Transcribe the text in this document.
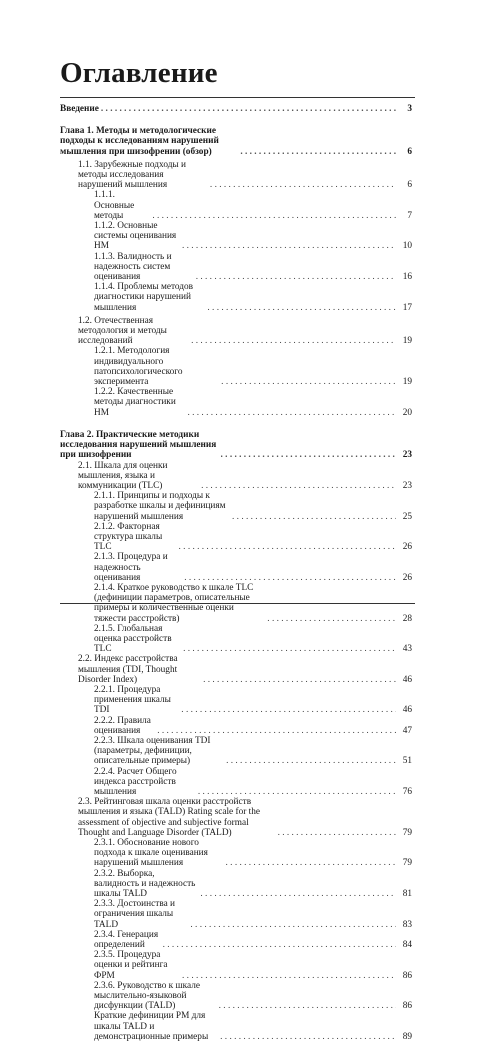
Оглавление
Введение . . .	3
Глава 1. Методы и методологические подходы к исследованиям нарушений мышления при шизофрении (обзор) . . .	6
1.1. Зарубежные подходы и методы исследования нарушений мышления . . .	6
1.1.1. Основные методы . . .	7
1.1.2. Основные системы оценивания НМ . . .	10
1.1.3. Валидность и надежность систем оценивания . . .	16
1.1.4. Проблемы методов диагностики нарушений мышления . . .	17
1.2. Отечественная методология и методы исследований . . .	19
1.2.1. Методология индивидуального патопсихологического эксперимента . . .	19
1.2.2. Качественные методы диагностики НМ . . .	20
Глава 2. Практические методики исследования нарушений мышления при шизофрении . . .	23
2.1. Шкала для оценки мышления, языка и коммуникации (TLC) . . .	23
2.1.1. Принципы и подходы к разработке шкалы и дефинициям нарушений мышления . . .	25
2.1.2. Факторная структура шкалы TLC . . .	26
2.1.3. Процедура и надежность оценивания . . .	26
2.1.4. Краткое руководство к шкале TLC (дефиниции параметров, описательные примеры и количественные оценки тяжести расстройств) . . .	28
2.1.5. Глобальная оценка расстройств TLC . . .	43
2.2. Индекс расстройства мышления (TDI, Thought Disorder Index) . . .	46
2.2.1. Процедура применения шкалы TDI . . .	46
2.2.2. Правила оценивания . . .	47
2.2.3. Шкала оценивания TDI (параметры, дефиниции, описательные примеры) . . .	51
2.2.4. Расчет Общего индекса расстройств мышления . . .	76
2.3. Рейтинговая шкала оценки расстройств мышления и языка (TALD) Rating scale for the assessment of objective and subjective formal Thought and Language Disorder (TALD) . . .	79
2.3.1. Обоснование нового подхода к шкале оценивания нарушений мышления . . .	79
2.3.2. Выборка, валидность и надежность шкалы TALD . . .	81
2.3.3. Достоинства и ограничения шкалы TALD . . .	83
2.3.4. Генерация определений . . .	84
2.3.5. Процедура оценки и рейтинга ФРМ . . .	86
2.3.6. Руководство к шкале мыслительно-языковой дисфункции (TALD) . . .	86
Краткие дефиниции РМ для шкалы TALD и демонстрационные примеры . . .	89
